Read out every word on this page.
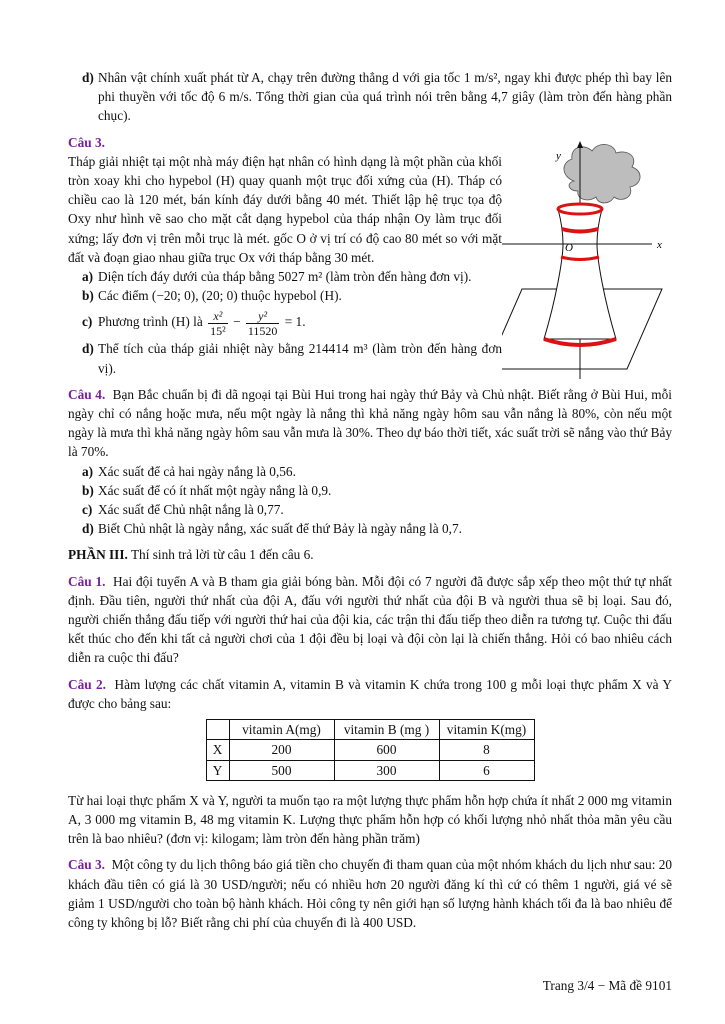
d) Nhân vật chính xuất phát từ A, chạy trên đường thẳng d với gia tốc 1 m/s², ngay khi được phép thì bay lên phi thuyền với tốc độ 6 m/s. Tổng thời gian của quá trình nói trên bằng 4,7 giây (làm tròn đến hàng phần chục).

Câu 3.

Tháp giải nhiệt tại một nhà máy điện hạt nhân có hình dạng là một phần của khối tròn xoay khi cho hypebol (H) quay quanh một trục đối xứng của (H). Tháp có chiều cao là 120 mét, bán kính đáy dưới bằng 40 mét. Thiết lập hệ trục tọa độ Oxy như hình vẽ sao cho mặt cắt dạng hypebol của tháp nhận Oy làm trục đối xứng; lấy đơn vị trên mỗi trục là mét. gốc O ở vị trí có độ cao 80 mét so với mặt đất và đoạn giao nhau giữa trục Ox với tháp bằng 30 mét.

a) Diện tích đáy dưới của tháp bằng 5027 m² (làm tròn đến hàng đơn vị).
b) Các điểm (−20; 0), (20; 0) thuộc hypebol (H).
c) Phương trình (H) là $\frac{\text{x²}}{\text{15²}} - \frac{\text{y²}}{11520} = 1$.
d) Thể tích của tháp giải nhiệt này bằng 214414 m³ (làm tròn đến hàng đơn vị).
y
x
O

Câu 4. Bạn Bắc chuẩn bị đi dã ngoại tại Bùi Hui trong hai ngày thứ Bảy và Chủ nhật. Biết rằng ở Bùi Hui, mỗi ngày chỉ có nắng hoặc mưa, nếu một ngày là nắng thì khả năng ngày hôm sau vẫn nắng là 80%, còn nếu một ngày là mưa thì khả năng ngày hôm sau vẫn mưa là 30%. Theo dự báo thời tiết, xác suất trời sẽ nắng vào thứ Bảy là 70%.

a) Xác suất để cả hai ngày nắng là 0,56.
b) Xác suất để có ít nhất một ngày nắng là 0,9.
c) Xác suất để Chủ nhật nắng là 0,77.
d) Biết Chủ nhật là ngày nắng, xác suất để thứ Bảy là ngày nắng là 0,7.

PHẦN III. Thí sinh trả lời từ câu 1 đến câu 6.

Câu 1. Hai đội tuyển A và B tham gia giải bóng bàn. Mỗi đội có 7 người đã được sắp xếp theo một thứ tự nhất định. Đầu tiên, người thứ nhất của đội A, đấu với người thứ nhất của đội B và người thua sẽ bị loại. Sau đó, người chiến thắng đấu tiếp với người thứ hai của đội kia, các trận thi đấu tiếp theo diễn ra tương tự. Cuộc thi đấu kết thúc cho đến khi tất cả người chơi của 1 đội đều bị loại và đội còn lại là chiến thắng. Hỏi có bao nhiêu cách diễn ra cuộc thi đấu?

Câu 2. Hàm lượng các chất vitamin A, vitamin B và vitamin K chứa trong 100 g mỗi loại thực phẩm X và Y được cho bảng sau:

	vitamin A(mg)	vitamin B (mg )	vitamin K(mg)
X	200	600	8
Y	500	300	6

Từ hai loại thực phẩm X và Y, người ta muốn tạo ra một lượng thực phẩm hỗn hợp chứa ít nhất 2 000 mg vitamin A, 3 000 mg vitamin B, 48 mg vitamin K. Lượng thực phẩm hỗn hợp có khối lượng nhỏ nhất thỏa mãn yêu cầu trên là bao nhiêu? (đơn vị: kilogam; làm tròn đến hàng phần trăm)

Câu 3. Một công ty du lịch thông báo giá tiền cho chuyến đi tham quan của một nhóm khách du lịch như sau: 20 khách đầu tiên có giá là 30 USD/người; nếu có nhiều hơn 20 người đăng kí thì cứ có thêm 1 người, giá vé sẽ giảm 1 USD/người cho toàn bộ hành khách. Hỏi công ty nên giới hạn số lượng hành khách tối đa là bao nhiêu để công ty không bị lỗ? Biết rằng chi phí của chuyến đi là 400 USD.

Trang 3/4 − Mã đề 9101
